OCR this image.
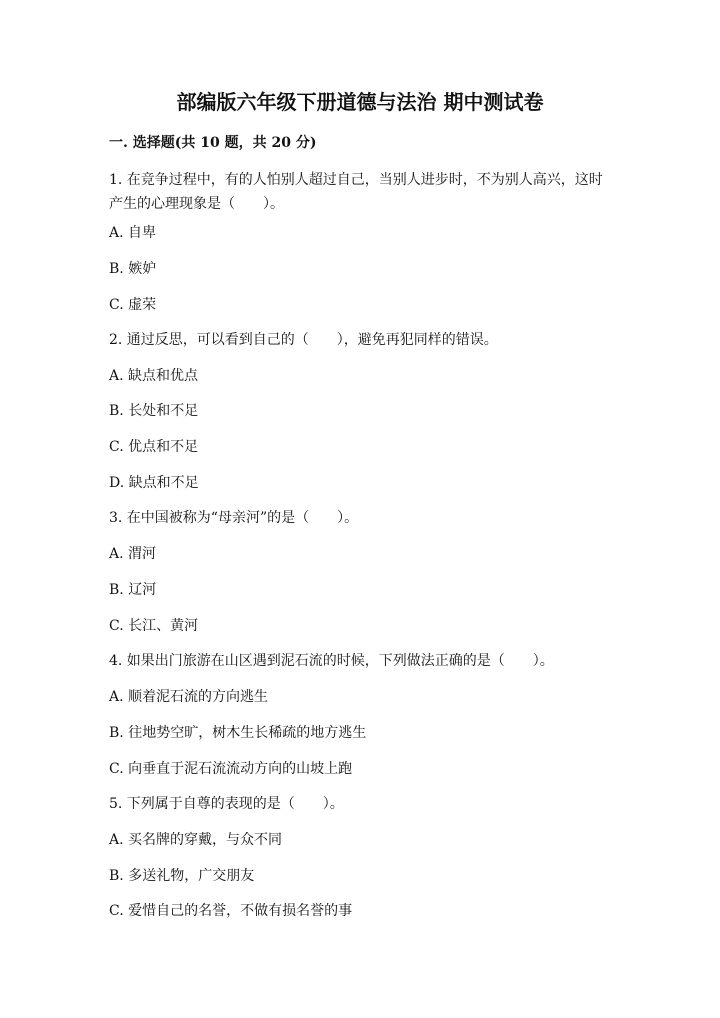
部编版六年级下册道德与法治 期中测试卷
一. 选择题(共 10 题，共 20 分)
1. 在竞争过程中，有的人怕别人超过自己，当别人进步时，不为别人高兴，这时产生的心理现象是（　　）。
A. 自卑
B. 嫉妒
C. 虚荣
2. 通过反思，可以看到自己的（　　），避免再犯同样的错误。
A. 缺点和优点
B. 长处和不足
C. 优点和不足
D. 缺点和不足
3. 在中国被称为“母亲河”的是（　　）。
A. 渭河
B. 辽河
C. 长江、黄河
4. 如果出门旅游在山区遇到泥石流的时候，下列做法正确的是（　　）。
A. 顺着泥石流的方向逃生
B. 往地势空旷，树木生长稀疏的地方逃生
C. 向垂直于泥石流流动方向的山坡上跑
5. 下列属于自尊的表现的是（　　）。
A. 买名牌的穿戴，与众不同
B. 多送礼物，广交朋友
C. 爱惜自己的名誉，不做有损名誉的事
